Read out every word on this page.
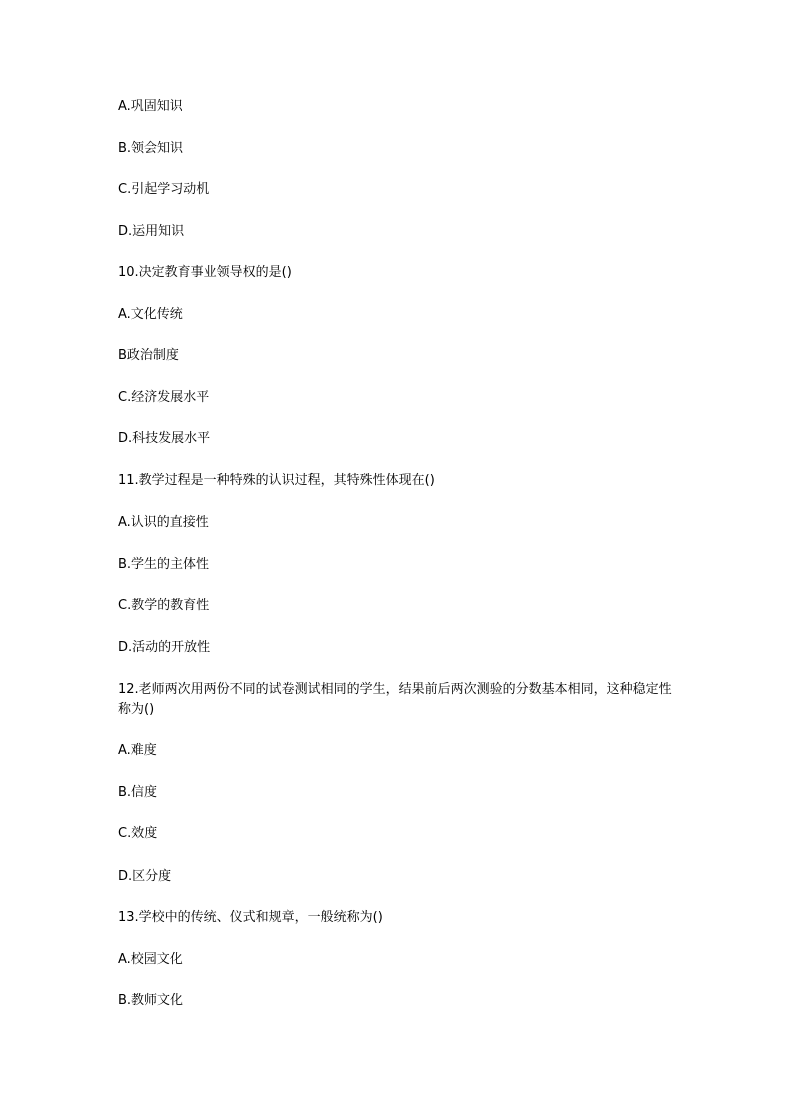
A.巩固知识
B.领会知识
C.引起学习动机
D.运用知识
10.决定教育事业领导权的是()
A.文化传统
B政治制度
C.经济发展水平
D.科技发展水平
11.教学过程是一种特殊的认识过程，其特殊性体现在()
A.认识的直接性
B.学生的主体性
C.教学的教育性
D.活动的开放性
12.老师两次用两份不同的试卷测试相同的学生，结果前后两次测验的分数基本相同，这种稳定性称为()
A.难度
B.信度
C.效度
D.区分度
13.学校中的传统、仪式和规章，一般统称为()
A.校园文化
B.教师文化
